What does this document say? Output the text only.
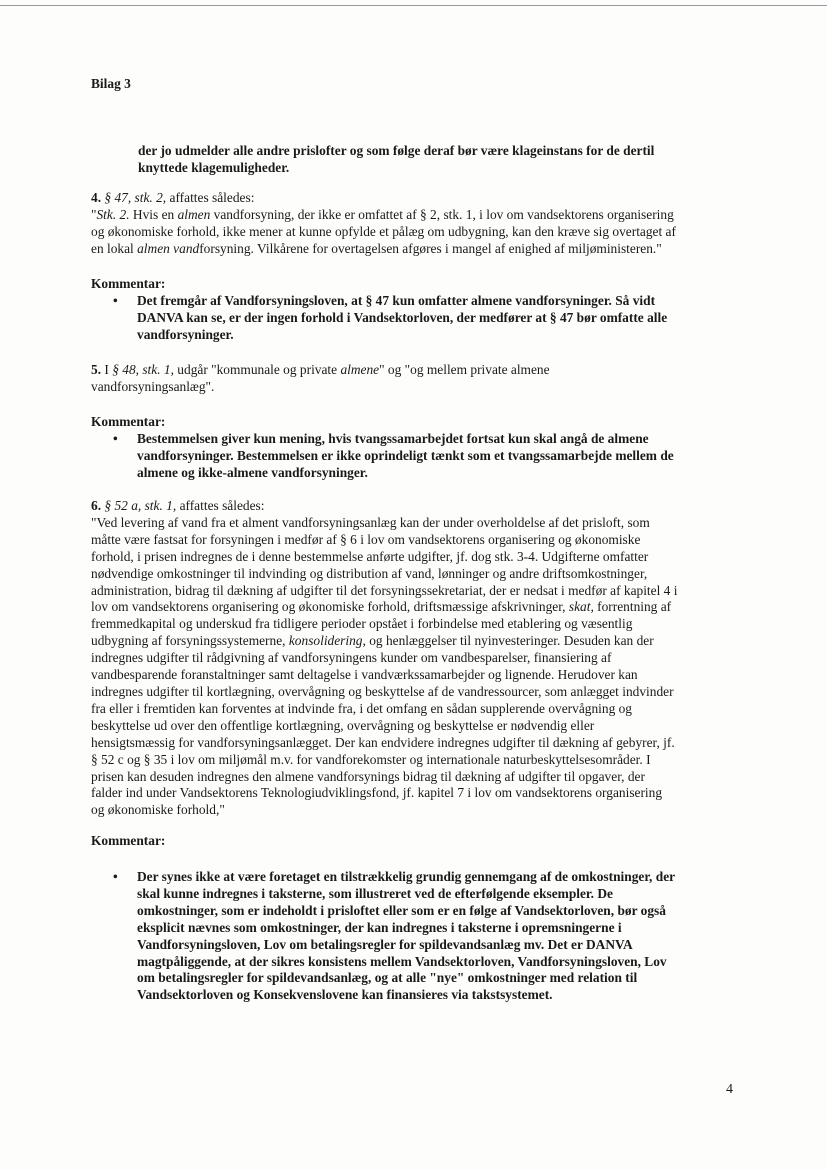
Bilag 3

der jo udmelder alle andre prislofter og som følge deraf bør være klageinstans for de dertil

knyttede klagemuligheder.

4. § 47, stk. 2, affattes således:

"Stk. 2. Hvis en almen vandforsyning, der ikke er omfattet af § 2, stk. 1, i lov om vandsektorens organisering

og økonomiske forhold, ikke mener at kunne opfylde et pålæg om udbygning, kan den kræve sig overtaget af

en lokal almen vandforsyning. Vilkårene for overtagelsen afgøres i mangel af enighed af miljøministeren."

Kommentar:
• Det fremgår af Vandforsyningsloven, at § 47 kun omfatter almene vandforsyninger. Så vidt

DANVA kan se, er der ingen forhold i Vandsektorloven, der medfører at § 47 bør omfatte alle

vandforsyninger.

5. I § 48, stk. 1, udgår "kommunale og private almene" og "og mellem private almene

vandforsyningsanlæg".

Kommentar:
• Bestemmelsen giver kun mening, hvis tvangssamarbejdet fortsat kun skal angå de almene

vandforsyninger. Bestemmelsen er ikke oprindeligt tænkt som et tvangssamarbejde mellem de

almene og ikke-almene vandforsyninger.

6. § 52 a, stk. 1, affattes således:

"Ved levering af vand fra et alment vandforsyningsanlæg kan der under overholdelse af det prisloft, som

måtte være fastsat for forsyningen i medfør af § 6 i lov om vandsektorens organisering og økonomiske

forhold, i prisen indregnes de i denne bestemmelse anførte udgifter, jf. dog stk. 3-4. Udgifterne omfatter

nødvendige omkostninger til indvinding og distribution af vand, lønninger og andre driftsomkostninger,

administration, bidrag til dækning af udgifter til det forsyningssekretariat, der er nedsat i medfør af kapitel 4 i

lov om vandsektorens organisering og økonomiske forhold, driftsmæssige afskrivninger, skat, forrentning af

fremmedkapital og underskud fra tidligere perioder opstået i forbindelse med etablering og væsentlig

udbygning af forsyningssystemerne, konsolidering, og henlæggelser til nyinvesteringer. Desuden kan der

indregnes udgifter til rådgivning af vandforsyningens kunder om vandbesparelser, finansiering af

vandbesparende foranstaltninger samt deltagelse i vandværkssamarbejder og lignende. Herudover kan

indregnes udgifter til kortlægning, overvågning og beskyttelse af de vandressourcer, som anlægget indvinder

fra eller i fremtiden kan forventes at indvinde fra, i det omfang en sådan supplerende overvågning og

beskyttelse ud over den offentlige kortlægning, overvågning og beskyttelse er nødvendig eller

hensigtsmæssig for vandforsyningsanlægget. Der kan endvidere indregnes udgifter til dækning af gebyrer, jf.

§ 52 c og § 35 i lov om miljømål m.v. for vandforekomster og internationale naturbeskyttelsesområder. I

prisen kan desuden indregnes den almene vandforsynings bidrag til dækning af udgifter til opgaver, der

falder ind under Vandsektorens Teknologiudviklingsfond, jf. kapitel 7 i lov om vandsektorens organisering

og økonomiske forhold,"

Kommentar:
• Der synes ikke at være foretaget en tilstrækkelig grundig gennemgang af de omkostninger, der

skal kunne indregnes i taksterne, som illustreret ved de efterfølgende eksempler. De

omkostninger, som er indeholdt i prisloftet eller som er en følge af Vandsektorloven, bør også

eksplicit nævnes som omkostninger, der kan indregnes i taksterne i opremsningerne i

Vandforsyningsloven, Lov om betalingsregler for spildevandsanlæg mv. Det er DANVA

magtpåliggende, at der sikres konsistens mellem Vandsektorloven, Vandforsyningsloven, Lov

om betalingsregler for spildevandsanlæg, og at alle "nye" omkostninger med relation til

Vandsektorloven og Konsekvenslovene kan finansieres via takstsystemet.

4
